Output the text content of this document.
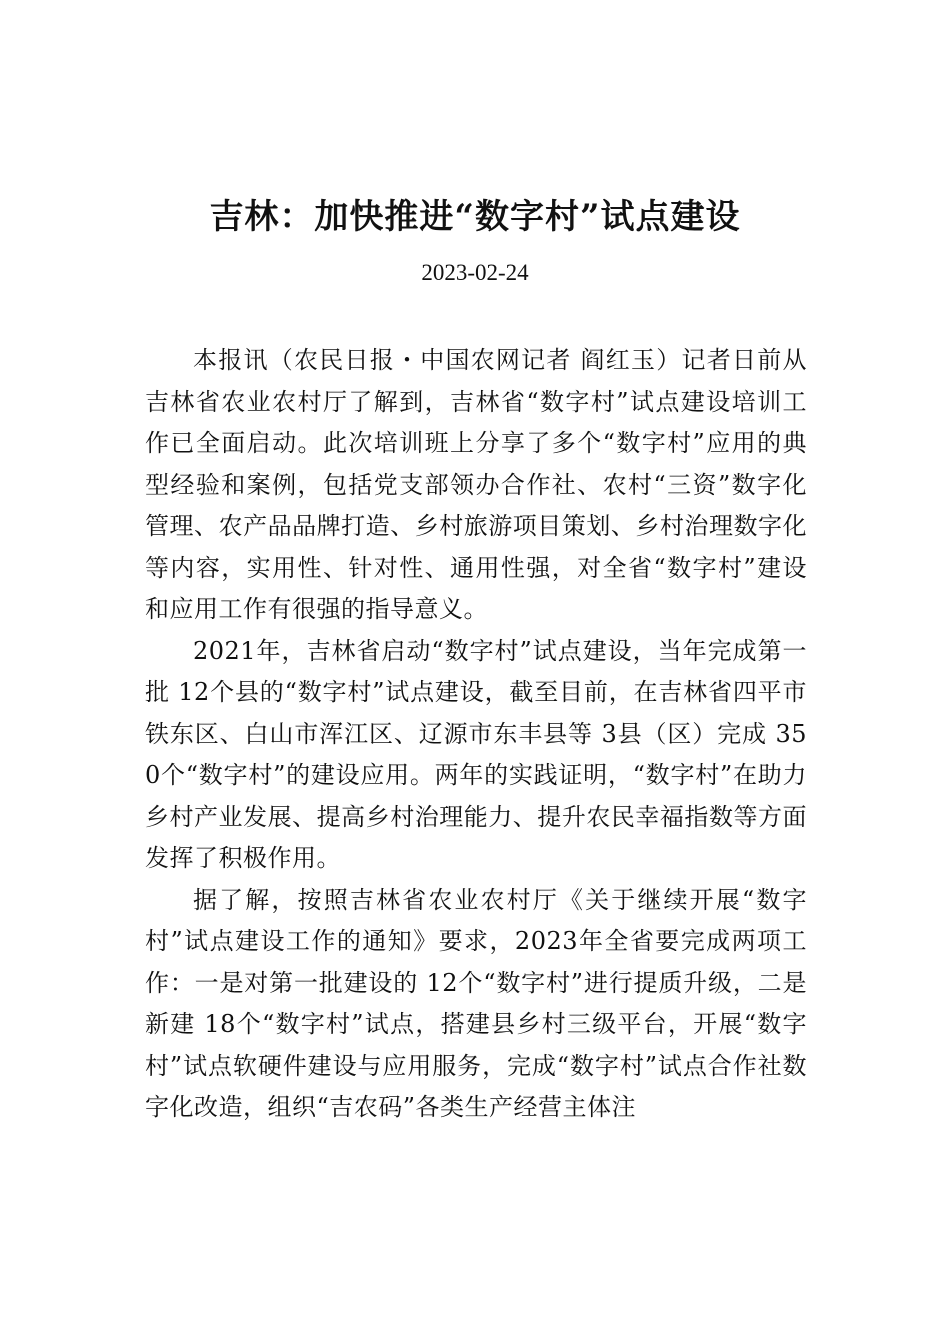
吉林：加快推进“数字村”试点建设
2023-02-24

本报讯（农民日报・中国农网记者 阎红玉）记者日前从吉林省农业农村厅了解到，吉林省“数字村”试点建设培训工作已全面启动。此次培训班上分享了多个“数字村”应用的典型经验和案例，包括党支部领办合作社、农村“三资”数字化管理、农产品品牌打造、乡村旅游项目策划、乡村治理数字化等内容，实用性、针对性、通用性强，对全省“数字村”建设和应用工作有很强的指导意义。

2021年，吉林省启动“数字村”试点建设，当年完成第一批 12个县的“数字村”试点建设，截至目前，在吉林省四平市铁东区、白山市浑江区、辽源市东丰县等 3县（区）完成 350个“数字村”的建设应用。两年的实践证明，“数字村”在助力乡村产业发展、提高乡村治理能力、提升农民幸福指数等方面发挥了积极作用。

据了解，按照吉林省农业农村厅《关于继续开展“数字村”试点建设工作的通知》要求，2023年全省要完成两项工作：一是对第一批建设的 12个“数字村”进行提质升级，二是新建 18个“数字村”试点，搭建县乡村三级平台，开展“数字村”试点软硬件建设与应用服务，完成“数字村”试点合作社数字化改造，组织“吉农码”各类生产经营主体注
